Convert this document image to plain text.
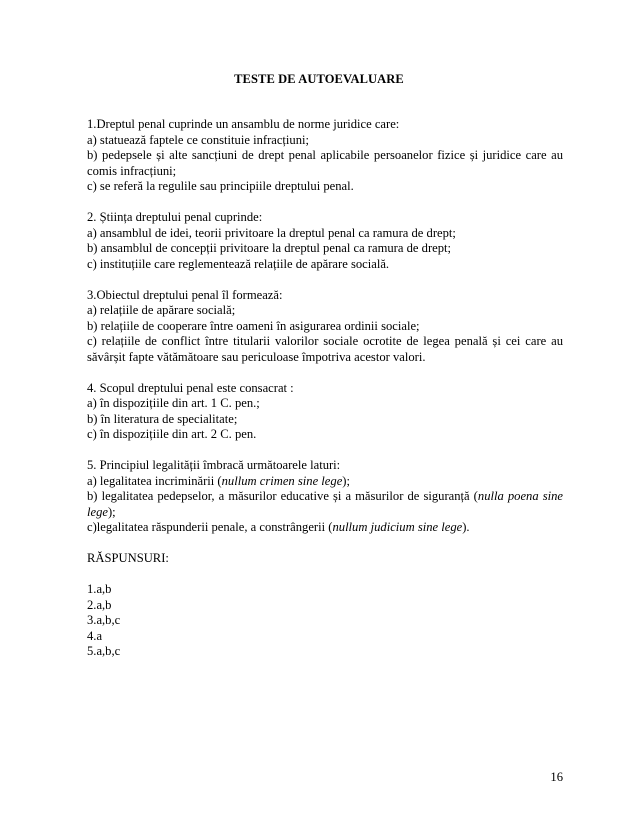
TESTE DE AUTOEVALUARE
1.Dreptul penal cuprinde un ansamblu de norme juridice care:
a) statuează faptele ce constituie infracțiuni;
b) pedepsele și alte sancțiuni de drept penal aplicabile persoanelor fizice și juridice care au
comis infracțiuni;
c) se referă la regulile sau principiile dreptului penal.
2. Știința dreptului penal cuprinde:
a) ansamblul de idei, teorii privitoare la dreptul penal ca ramura de drept;
b) ansamblul de concepții privitoare la dreptul penal ca ramura de drept;
c) instituțiile care reglementează relațiile de apărare socială.
3.Obiectul dreptului penal îl formează:
a) relațiile de apărare socială;
b) relațiile de cooperare între oameni în asigurarea ordinii sociale;
c) relațiile de conflict între titularii valorilor sociale ocrotite de legea penală și cei care au
săvârșit fapte vătămătoare sau periculoase împotriva acestor valori.
4. Scopul dreptului penal este consacrat :
a) în dispozițiile din art. 1 C. pen.;
b) în literatura de specialitate;
c) în dispozițiile din art. 2 C. pen.
5. Principiul legalității îmbracă următoarele laturi:
a) legalitatea incriminării (nullum crimen sine lege);
b) legalitatea pedepselor, a măsurilor educative și a măsurilor de siguranță (nulla poena sine
lege);
c)legalitatea răspunderii penale, a constrângerii (nullum judicium sine lege).
RĂSPUNSURI:
1.a,b
2.a,b
3.a,b,c
4.a
5.a,b,c
16
